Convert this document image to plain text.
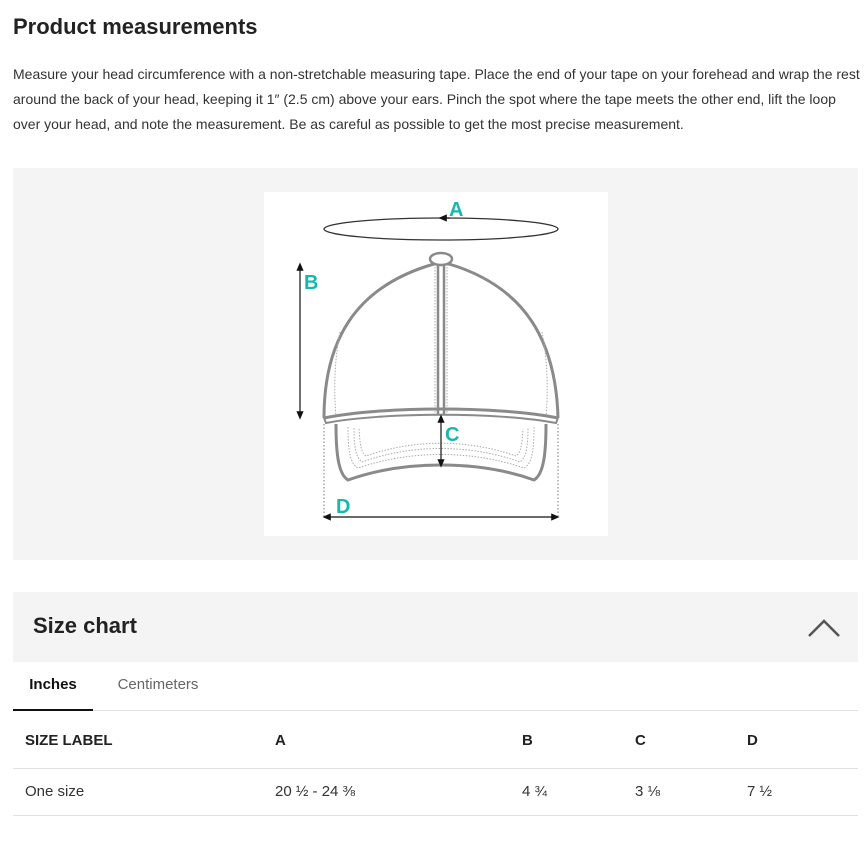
Product measurements

Measure your head circumference with a non-stretchable measuring tape. Place the end of your tape on your forehead and wrap the rest around the back of your head, keeping it 1″ (2.5 cm) above your ears. Pinch the spot where the tape meets the other end, lift the loop over your head, and note the measurement. Be as careful as possible to get the most precise measurement.

A
B
C
D
Size chart
Inches	Centimeters
SIZE LABEL	A	B	C	D
One size	20 ½ - 24 ⅜	4 ¾	3 ⅛	7 ½
